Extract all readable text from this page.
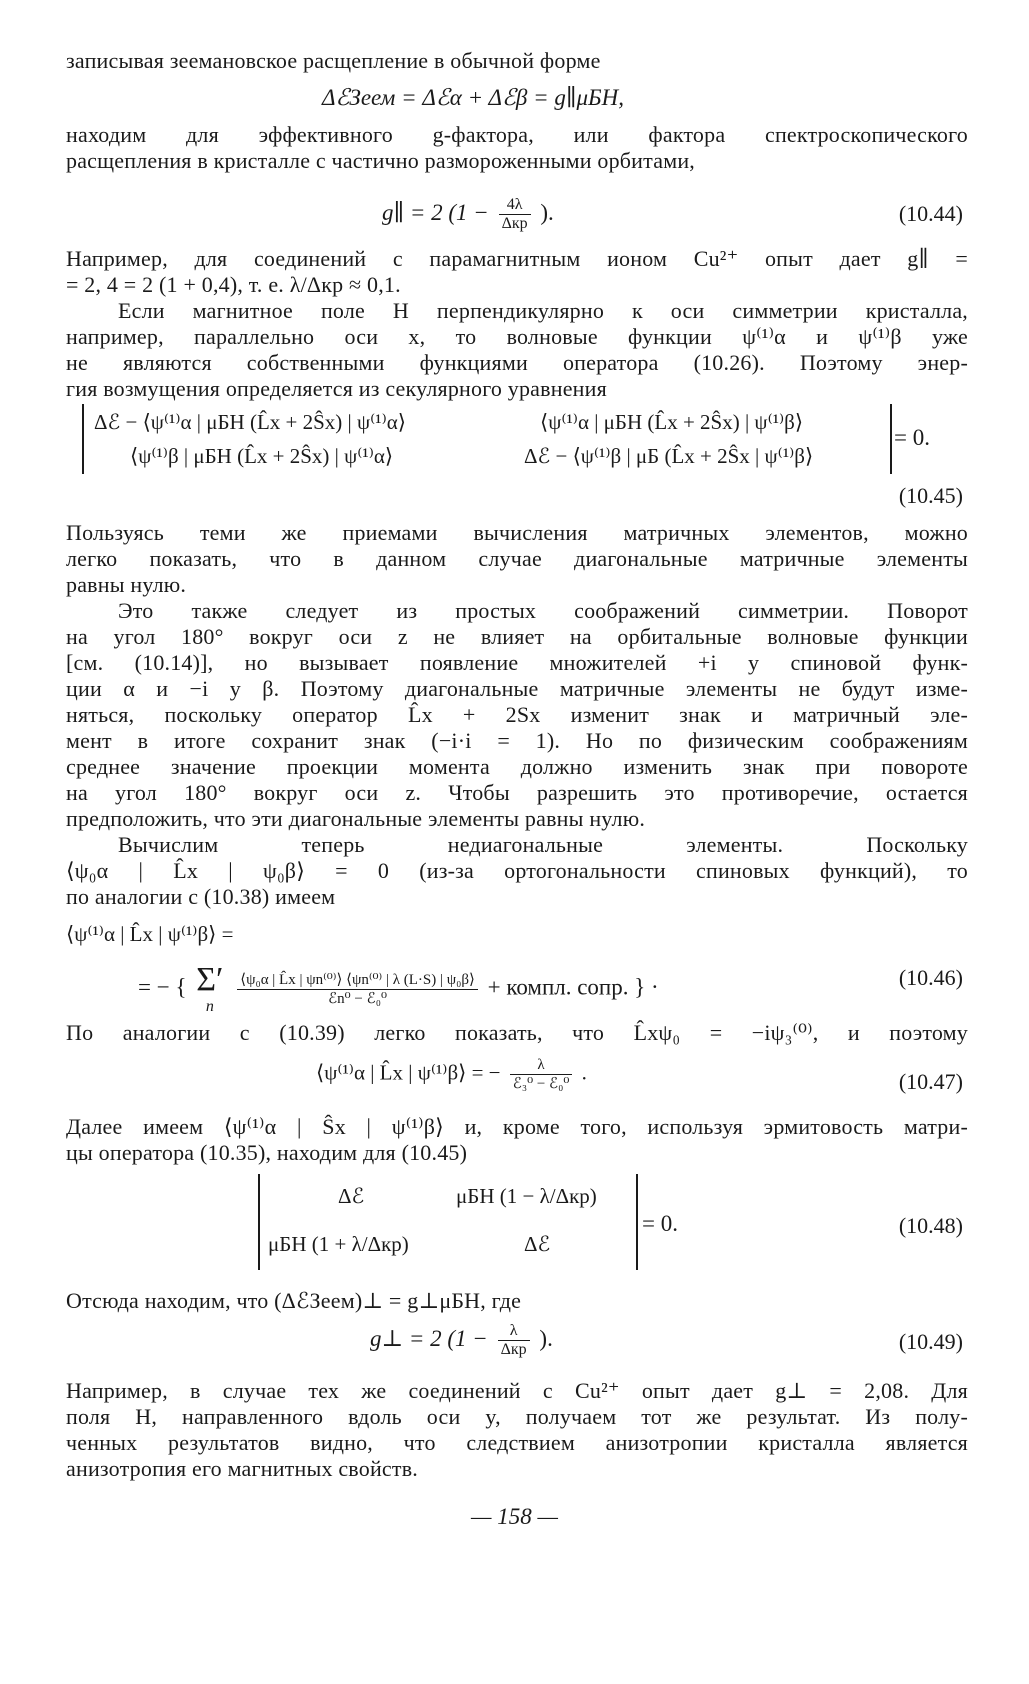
записывая зеемановское расщепление в обычной форме
ΔℰЗеем = Δℰα + Δℰβ = g∥μБH,
находим для эффективного g-фактора, или фактора спектроскопического
расщепления в кристалле с частично размороженными орбитами,
g∥ = 2 (1 −	4λ
Δкр ).	(10.44)
Например, для соединений с парамагнитным ионом Cu²⁺ опыт дает g∥ =
= 2, 4 = 2 (1 + 0,4), т. е. λ/Δкр ≈ 0,1.
Если магнитное поле H перпендикулярно к оси симметрии кристалла,
например, параллельно оси x, то волновые функции ψ⁽¹⁾α и ψ⁽¹⁾β уже
не являются собственными функциями оператора (10.26). Поэтому энер-
гия возмущения определяется из секулярного уравнения
Δℰ − ⟨ψ⁽¹⁾α | μБH (L̂x + 2Ŝx) | ψ⁽¹⁾α⟩	⟨ψ⁽¹⁾α | μБH (L̂x + 2Ŝx) | ψ⁽¹⁾β⟩
⟨ψ⁽¹⁾β | μБH (L̂x + 2Ŝx) | ψ⁽¹⁾α⟩	Δℰ − ⟨ψ⁽¹⁾β | μБ (L̂x + 2Ŝx | ψ⁽¹⁾β⟩
= 0.
(10.45)
Пользуясь теми же приемами вычисления матричных элементов, можно
легко показать, что в данном случае диагональные матричные элементы
равны нулю.
Это также следует из простых соображений симметрии. Поворот
на угол 180° вокруг оси z не влияет на орбитальные волновые функции
[см. (10.14)], но вызывает появление множителей +i у спиновой функ-
ции α и −i у β. Поэтому диагональные матричные элементы не будут изме-
няться, поскольку оператор L̂x + 2Sx изменит знак и матричный эле-
мент в итоге сохранит знак (−i·i = 1). Но по физическим соображениям
среднее значение проекции момента должно изменить знак при повороте
на угол 180° вокруг оси z. Чтобы разрешить это противоречие, остается
предположить, что эти диагональные элементы равны нулю.
Вычислим теперь недиагональные элементы. Поскольку
⟨ψ₀α | L̂x | ψ₀β⟩ = 0 (из-за ортогональности спиновых функций), то
по аналогии с (10.38) имеем
⟨ψ⁽¹⁾α | L̂x | ψ⁽¹⁾β⟩ =
= − { Σ′
n

⟨ψ₀α | L̂x | ψn⁽⁰⁾⟩ ⟨ψn⁽⁰⁾ | λ (L·S) | ψ₀β⟩
ℰn⁰ − ℰ₀⁰	+ компл. сопр. } ·	(10.46)
По аналогии с (10.39) легко показать, что L̂xψ₀ = −iψ₃⁽⁰⁾, и поэтому
⟨ψ⁽¹⁾α | L̂x | ψ⁽¹⁾β⟩ = −	λ
ℰ₃⁰ − ℰ₀⁰ .	(10.47)
Далее имеем ⟨ψ⁽¹⁾α | Ŝx | ψ⁽¹⁾β⟩ и, кроме того, используя эрмитовость матри-
цы оператора (10.35), находим для (10.45)
Δℰ	μБH (1 − λ/Δкр)
μБH (1 + λ/Δкр)	Δℰ
= 0.	(10.48)
Отсюда находим, что (ΔℰЗеем)⊥ = g⊥μБH, где
g⊥ = 2 (1 −	λ
Δкр ).	(10.49)
Например, в случае тех же соединений с Cu²⁺ опыт дает g⊥ = 2,08. Для
поля H, направленного вдоль оси y, получаем тот же результат. Из полу-
ченных результатов видно, что следствием анизотропии кристалла является
анизотропия его магнитных свойств.
— 158 —
